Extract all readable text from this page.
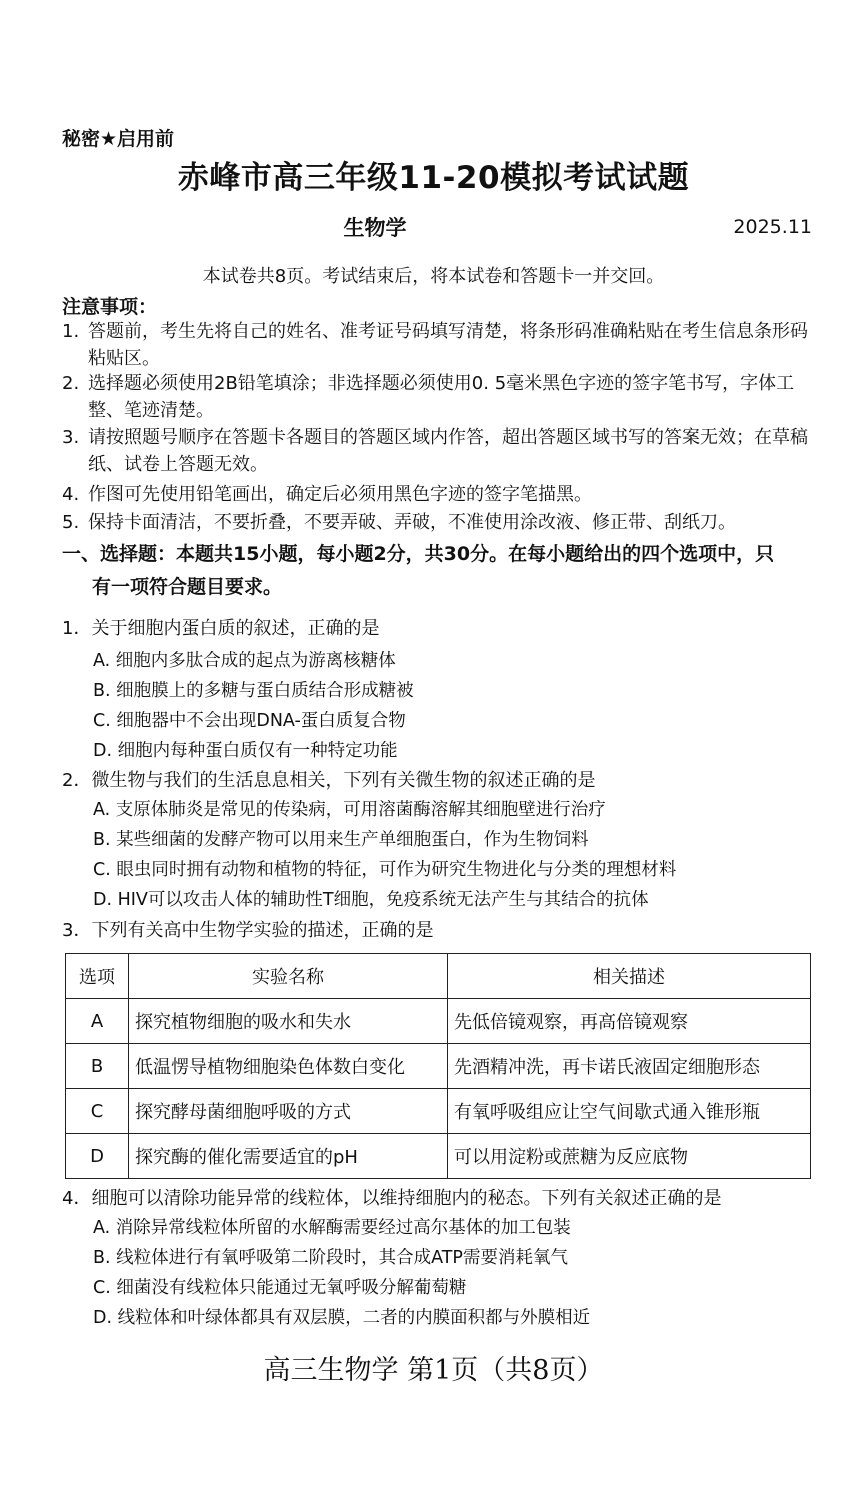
秘密★启用前
赤峰市高三年级11-20模拟考试试题
生物学	2025.11
本试卷共8页。考试结束后，将本试卷和答题卡一并交回。
注意事项：
1. 答题前，考生先将自己的姓名、准考证号码填写清楚，将条形码准确粘贴在考生信息条形码粘贴区。
2. 选择题必须使用2B铅笔填涂；非选择题必须使用0. 5毫米黑色字迹的签字笔书写，字体工整、笔迹清楚。
3. 请按照题号顺序在答题卡各题目的答题区域内作答，超出答题区域书写的答案无效；在草稿纸、试卷上答题无效。
4. 作图可先使用铅笔画出，确定后必须用黑色字迹的签字笔描黑。
5. 保持卡面清洁，不要折叠，不要弄破、弄破，不准使用涂改液、修正带、刮纸刀。
一、选择题：本题共15小题，每小题2分，共30分。在每小题给出的四个选项中，只
有一项符合题目要求。
1．关于细胞内蛋白质的叙述，正确的是
A. 细胞内多肽合成的起点为游离核糖体
B. 细胞膜上的多糖与蛋白质结合形成糖被
C. 细胞器中不会出现DNA-蛋白质复合物
D. 细胞内每种蛋白质仅有一种特定功能
2．微生物与我们的生活息息相关，下列有关微生物的叙述正确的是
A. 支原体肺炎是常见的传染病，可用溶菌酶溶解其细胞壁进行治疗
B. 某些细菌的发酵产物可以用来生产单细胞蛋白，作为生物饲料
C. 眼虫同时拥有动物和植物的特征，可作为研究生物进化与分类的理想材料
D. HIV可以攻击人体的辅助性T细胞，免疫系统无法产生与其结合的抗体
3．下列有关高中生物学实验的描述，正确的是
选项	实验名称	相关描述
A	探究植物细胞的吸水和失水	先低倍镜观察，再高倍镜观察
B	低温愣导植物细胞染色体数白变化	先酒精冲洗，再卡诺氏液固定细胞形态
C	探究酵母菌细胞呼吸的方式	有氧呼吸组应让空气间歇式通入锥形瓶
D	探究酶的催化需要适宜的pH	可以用淀粉或蔗糖为反应底物
4．细胞可以清除功能异常的线粒体，以维持细胞内的秘态。下列有关叙述正确的是
A. 消除异常线粒体所留的水解酶需要经过高尔基体的加工包装
B. 线粒体进行有氧呼吸第二阶段时，其合成ATP需要消耗氧气
C. 细菌没有线粒体只能通过无氧呼吸分解葡萄糖
D. 线粒体和叶绿体都具有双层膜，二者的内膜面积都与外膜相近
高三生物学 第1页（共8页）
